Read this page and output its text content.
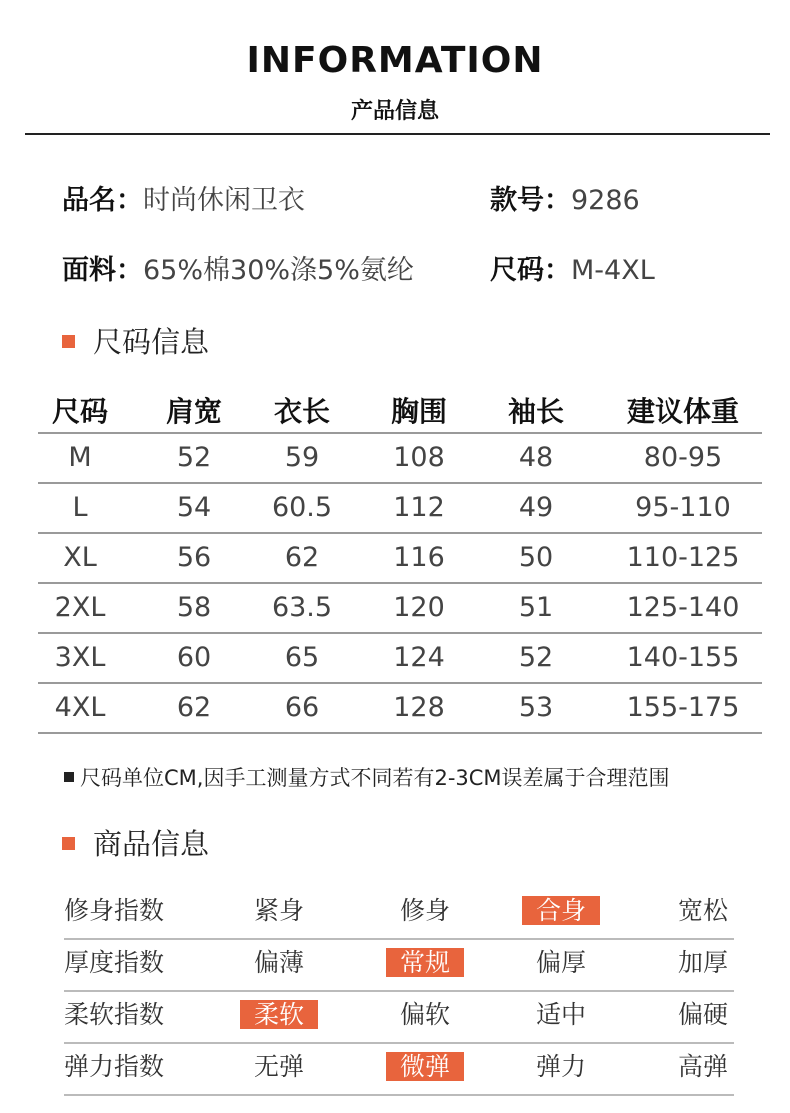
INFORMATION
产品信息
品名：时尚休闲卫衣	款号：9286
面料：65%棉30%涤5%氨纶	尺码：M-4XL
尺码信息
尺码	肩宽	衣长	胸围	袖长	建议体重
M	52	59	108	48	80-95
L	54	60.5	112	49	95-110
XL	56	62	116	50	110-125
2XL	58	63.5	120	51	125-140
3XL	60	65	124	52	140-155
4XL	62	66	128	53	155-175
尺码单位CM,因手工测量方式不同若有2-3CM误差属于合理范围
商品信息
修身指数	紧身	修身	合身	宽松
厚度指数	偏薄	常规	偏厚	加厚
柔软指数	柔软	偏软	适中	偏硬
弹力指数	无弹	微弹	弹力	高弹
